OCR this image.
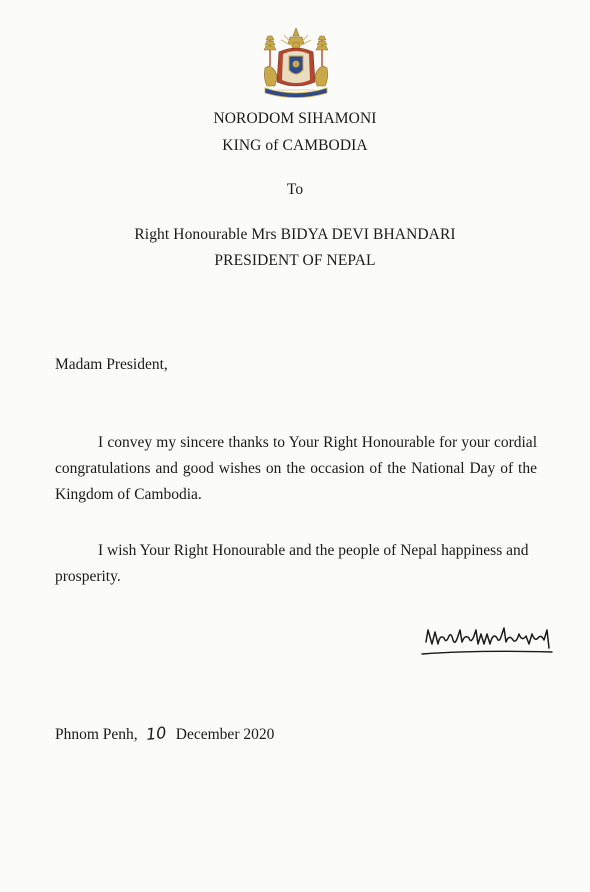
NORODOM SIHAMONI
KING of CAMBODIA
To
Right Honourable Mrs BIDYA DEVI BHANDARI
PRESIDENT OF NEPAL
Madam President,
I convey my sincere thanks to Your Right Honourable for your cordial congratulations and good wishes on the occasion of the National Day of the Kingdom of Cambodia.
I wish Your Right Honourable and the people of Nepal happiness and prosperity.
Phnom Penh, 10 December 2020
